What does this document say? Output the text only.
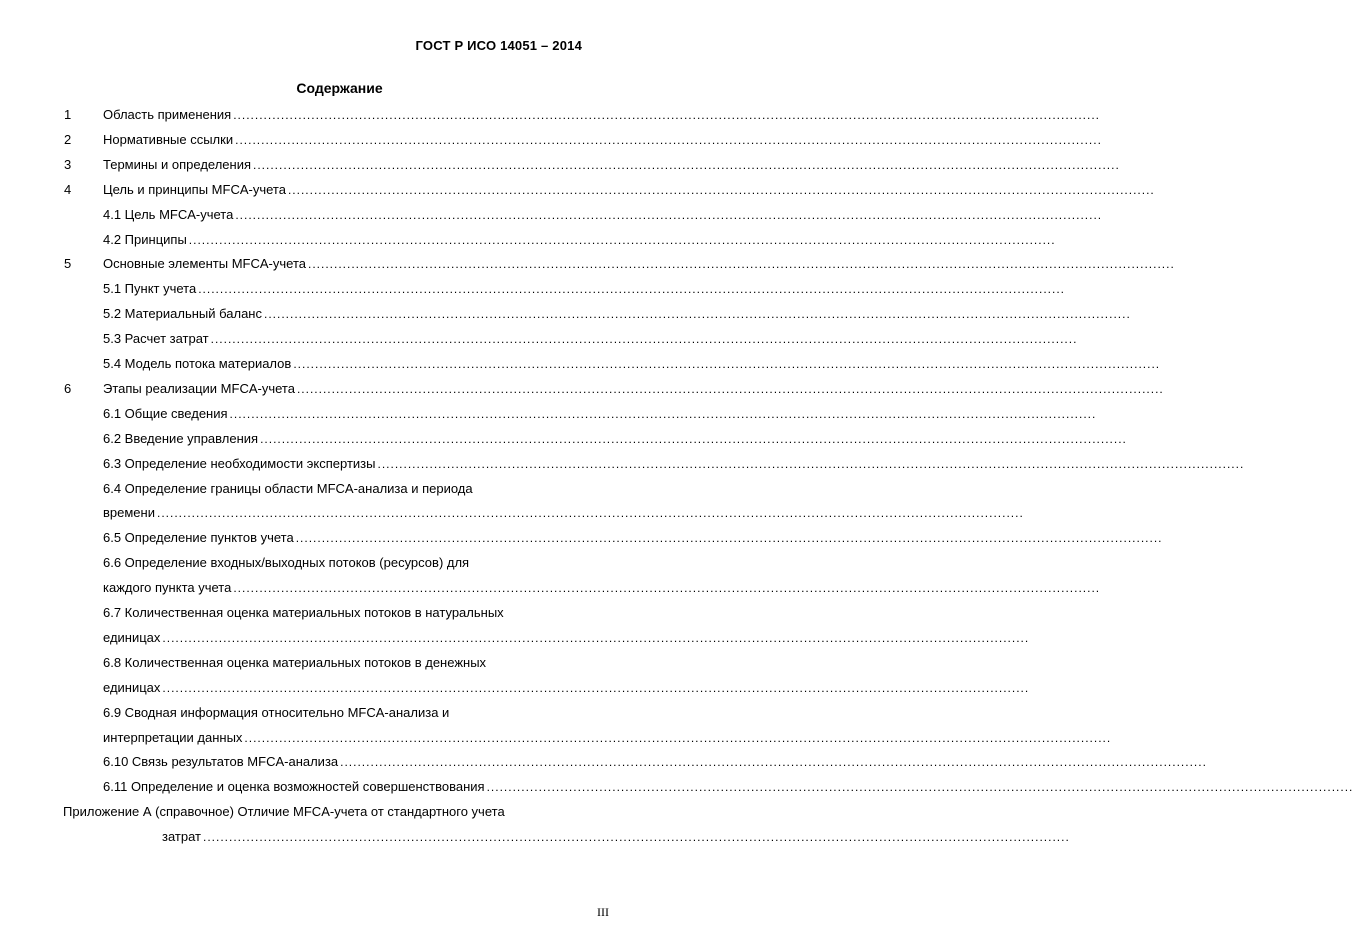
ГОСТ Р ИСО 14051 – 2014
Содержание
Область применения ........................................................................................................................................................................................................
1
Нормативные ссылки ........................................................................................................................................................................................................
2
Термины и определения ........................................................................................................................................................................................................
3
Цель и принципы MFCA-учета ........................................................................................................................................................................................................
4
4.1 Цель MFCA-учета ........................................................................................................................................................................................................
4.2 Принципы ........................................................................................................................................................................................................
Основные элементы MFCA-учета ........................................................................................................................................................................................................
5
5.1 Пункт учета ........................................................................................................................................................................................................
5.2 Материальный баланс ........................................................................................................................................................................................................
5.3 Расчет затрат ........................................................................................................................................................................................................
5.4 Модель потока материалов ........................................................................................................................................................................................................
Этапы реализации MFCA-учета ........................................................................................................................................................................................................
6
6.1 Общие сведения ........................................................................................................................................................................................................
6.2 Введение управления ........................................................................................................................................................................................................
6.3 Определение необходимости экспертизы ........................................................................................................................................................................................................
6.4 Определение границы области MFCA-анализа и периода
времени ........................................................................................................................................................................................................
6.5 Определение пунктов учета ........................................................................................................................................................................................................
6.6 Определение входных/выходных потоков (ресурсов) для
каждого пункта учета ........................................................................................................................................................................................................
6.7 Количественная оценка материальных потоков в натуральных
единицах ........................................................................................................................................................................................................
6.8 Количественная оценка материальных потоков в денежных
единицах ........................................................................................................................................................................................................
6.9 Сводная информация относительно MFCA-анализа и
интерпретации данных ........................................................................................................................................................................................................
6.10 Связь результатов MFCA-анализа ........................................................................................................................................................................................................
6.11 Определение и оценка возможностей совершенствования ........................................................................................................................................................................................................
Приложение А (справочное) Отличие MFCA-учета от стандартного учета
затрат ........................................................................................................................................................................................................
III
